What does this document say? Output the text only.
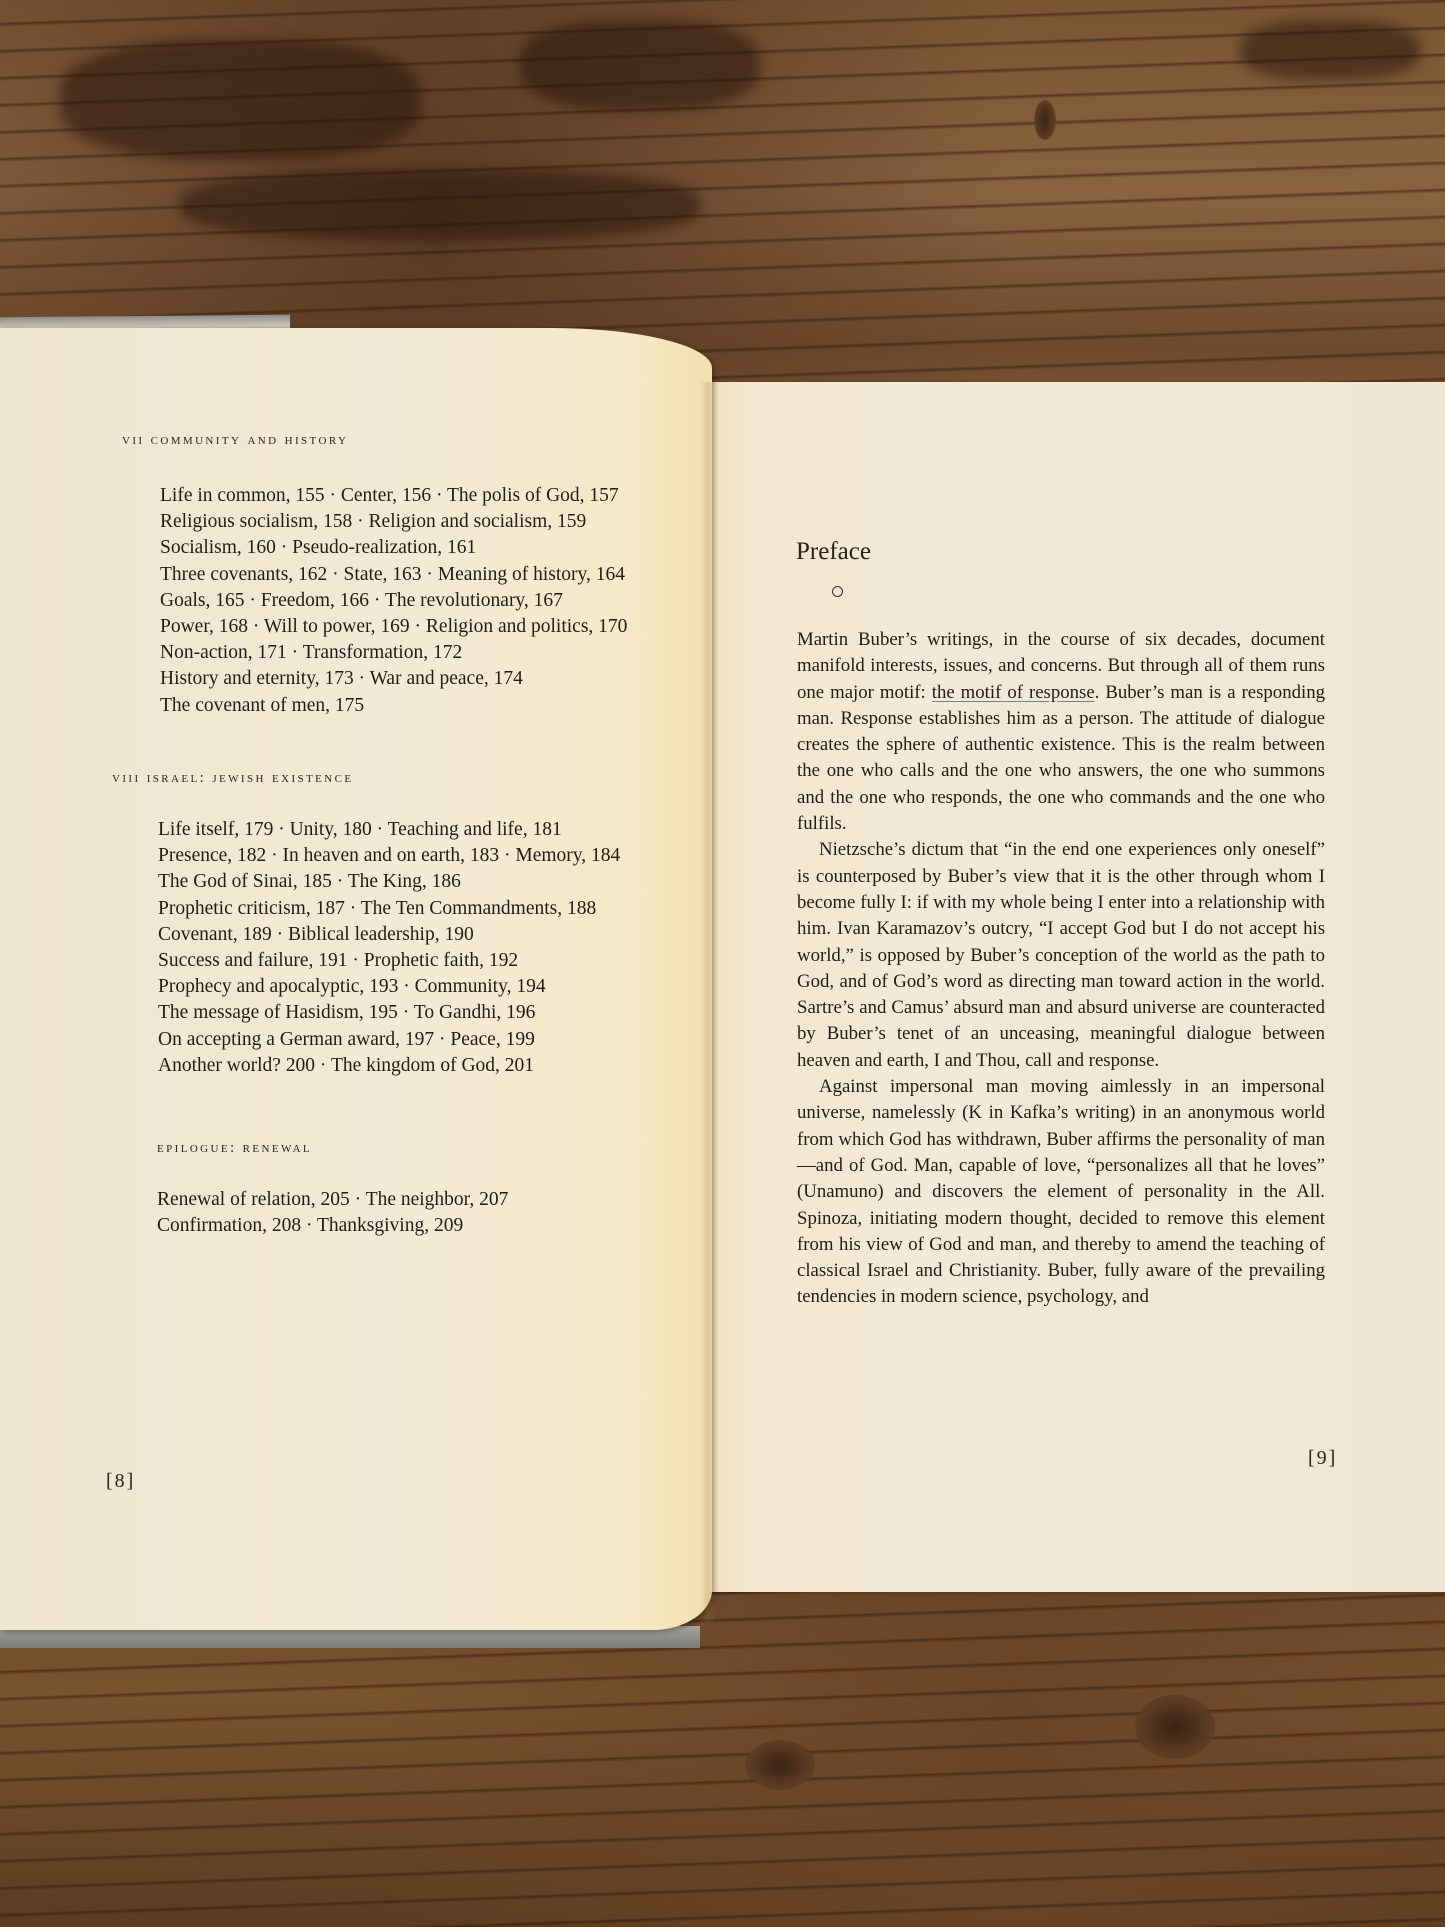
vii community and history
Life in common, 155 · Center, 156 · The polis of God, 157
Religious socialism, 158 · Religion and socialism, 159
Socialism, 160 · Pseudo-realization, 161
Three covenants, 162 · State, 163 · Meaning of history, 164
Goals, 165 · Freedom, 166 · The revolutionary, 167
Power, 168 · Will to power, 169 · Religion and politics, 170
Non-action, 171 · Transformation, 172
History and eternity, 173 · War and peace, 174
The covenant of men, 175
viii israel: jewish existence
Life itself, 179 · Unity, 180 · Teaching and life, 181
Presence, 182 · In heaven and on earth, 183 · Memory, 184
The God of Sinai, 185 · The King, 186
Prophetic criticism, 187 · The Ten Commandments, 188
Covenant, 189 · Biblical leadership, 190
Success and failure, 191 · Prophetic faith, 192
Prophecy and apocalyptic, 193 · Community, 194
The message of Hasidism, 195 · To Gandhi, 196
On accepting a German award, 197 · Peace, 199
Another world? 200 · The kingdom of God, 201
epilogue: renewal
Renewal of relation, 205 · The neighbor, 207
Confirmation, 208 · Thanksgiving, 209
[8]
Preface

Martin Buber’s writings, in the course of six decades, document manifold interests, issues, and concerns. But through all of them runs one major motif: the motif of response. Buber’s man is a responding man. Response establishes him as a person. The attitude of dialogue creates the sphere of authentic existence. This is the realm between the one who calls and the one who answers, the one who summons and the one who responds, the one who commands and the one who fulfils.

Nietzsche’s dictum that “in the end one experiences only oneself” is counterposed by Buber’s view that it is the other through whom I become fully I: if with my whole being I enter into a relationship with him. Ivan Karamazov’s outcry, “I accept God but I do not accept his world,” is opposed by Buber’s conception of the world as the path to God, and of God’s word as directing man toward action in the world. Sartre’s and Camus’ absurd man and absurd universe are counteracted by Buber’s tenet of an unceasing, meaningful dialogue between heaven and earth, I and Thou, call and response.

Against impersonal man moving aimlessly in an impersonal universe, namelessly (K in Kafka’s writing) in an anonymous world from which God has withdrawn, Buber affirms the personality of man—and of God. Man, capable of love, “personalizes all that he loves” (Unamuno) and discovers the element of personality in the All. Spinoza, initiating modern thought, decided to remove this element from his view of God and man, and thereby to amend the teaching of classical Israel and Christianity. Buber, fully aware of the prevailing tendencies in modern science, psychology, and

[9]
